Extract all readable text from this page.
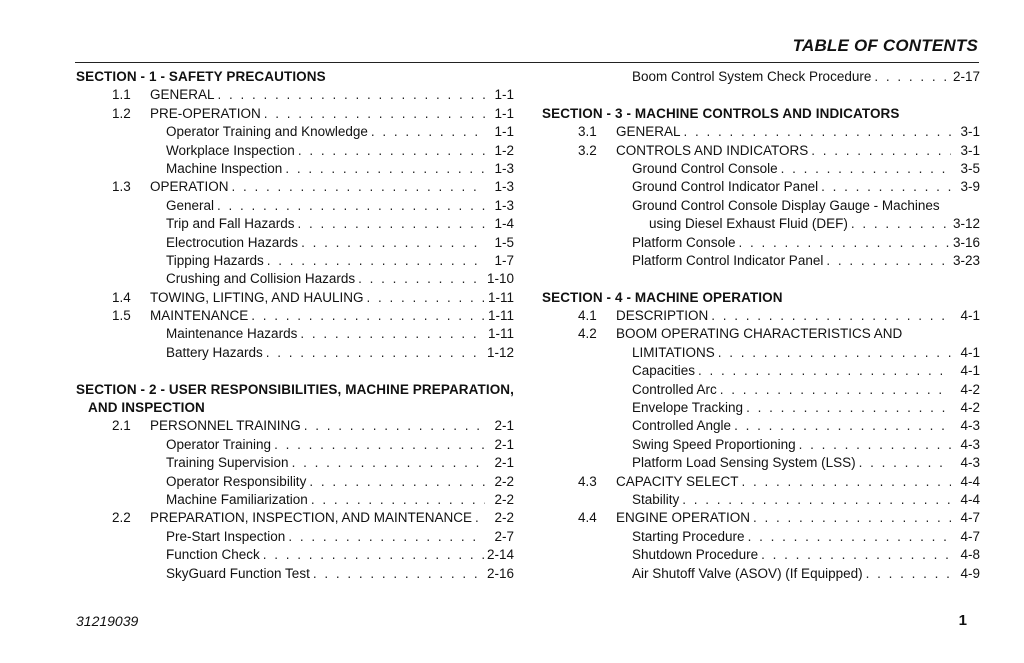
TABLE OF CONTENTS
SECTION - 1 - SAFETY PRECAUTIONS
1.1	GENERAL . . .	1-1
1.2	PRE-OPERATION . . .	1-1
Operator Training and Knowledge . . .	1-1
Workplace Inspection . . .	1-2
Machine Inspection . . .	1-3
1.3	OPERATION . . .	1-3
General . . .	1-3
Trip and Fall Hazards . . .	1-4
Electrocution Hazards . . .	1-5
Tipping Hazards . . .	1-7
Crushing and Collision Hazards . . .	1-10
1.4	TOWING, LIFTING, AND HAULING . . .	1-11
1.5	MAINTENANCE . . .	1-11
Maintenance Hazards . . .	1-11
Battery Hazards . . .	1-12
SECTION - 2 - USER RESPONSIBILITIES, MACHINE PREPARATION,
AND INSPECTION
2.1	PERSONNEL TRAINING . . .	2-1
Operator Training . . .	2-1
Training Supervision . . .	2-1
Operator Responsibility . . .	2-2
Machine Familiarization . . .	2-2
2.2	PREPARATION, INSPECTION, AND MAINTENANCE . . .	2-2
Pre-Start Inspection . . .	2-7
Function Check . . .	2-14
SkyGuard Function Test . . .	2-16
Boom Control System Check Procedure . . .	2-17
SECTION - 3 - MACHINE CONTROLS AND INDICATORS
3.1	GENERAL . . .	3-1
3.2	CONTROLS AND INDICATORS . . .	3-1
Ground Control Console . . .	3-5
Ground Control Indicator Panel . . .	3-9
Ground Control Console Display Gauge - Machines
using Diesel Exhaust Fluid (DEF) . . .	3-12
Platform Console . . .	3-16
Platform Control Indicator Panel . . .	3-23
SECTION - 4 - MACHINE OPERATION
4.1	DESCRIPTION . . .	4-1
4.2	BOOM OPERATING CHARACTERISTICS AND
LIMITATIONS . . .	4-1
Capacities . . .	4-1
Controlled Arc . . .	4-2
Envelope Tracking . . .	4-2
Controlled Angle . . .	4-3
Swing Speed Proportioning . . .	4-3
Platform Load Sensing System (LSS) . . .	4-3
4.3	CAPACITY SELECT . . .	4-4
Stability . . .	4-4
4.4	ENGINE OPERATION . . .	4-7
Starting Procedure . . .	4-7
Shutdown Procedure . . .	4-8
Air Shutoff Valve (ASOV) (If Equipped) . . .	4-9
31219039	1
